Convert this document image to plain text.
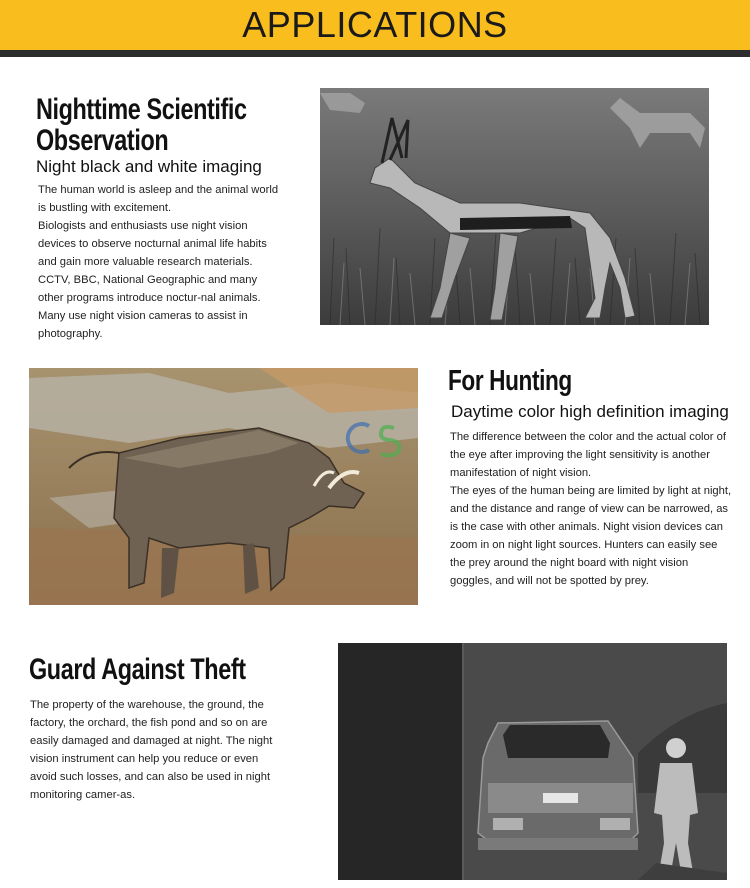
APPLICATIONS
Nighttime Scientific
Observation
Night black and white imaging

The human world is asleep and the animal world is bustling with excitement.

Biologists and enthusiasts use night vision devices to observe nocturnal animal life habits and gain more valuable research materials. CCTV, BBC, National Geographic and many other programs introduce noctur-nal animals. Many use night vision cameras to assist in photography.

For Hunting
Daytime color high definition imaging

The difference between the color and the actual color of the eye after improving the light sensitivity is another manifestation of night vision.

The eyes of the human being are limited by light at night, and the distance and range of view can be narrowed, as is the case with other animals. Night vision devices can zoom in on night light sources. Hunters can easily see the prey around the night board with night vision goggles, and will not be spotted by prey.

Guard Against Theft

The property of the warehouse, the ground, the factory, the orchard, the fish pond and so on are easily damaged and damaged at night. The night vision instrument can help you reduce or even avoid such losses, and can also be used in night monitoring camer-as.
